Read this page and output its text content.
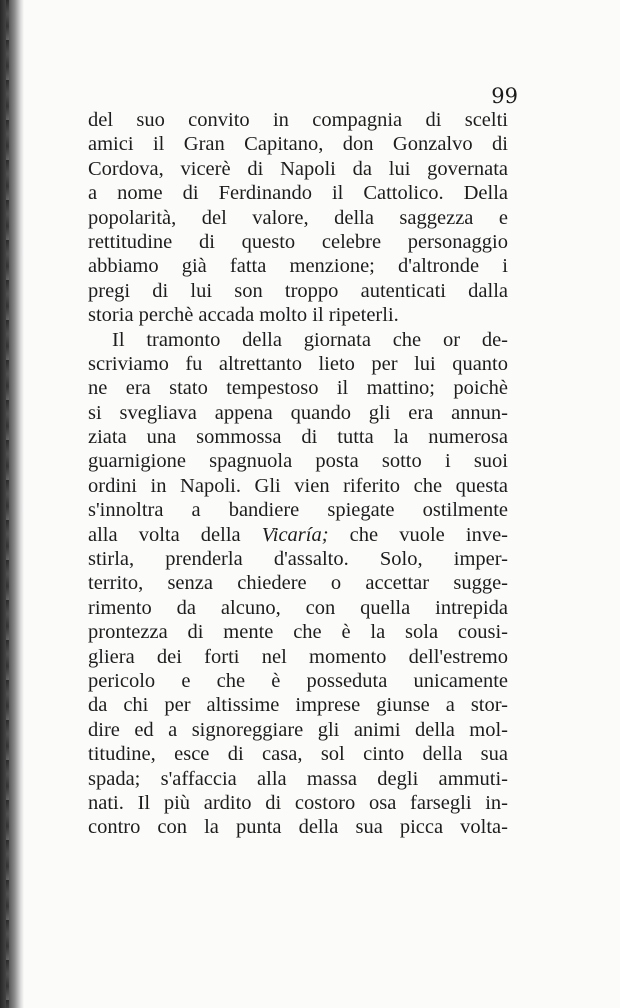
99
del suo convito in compagnia di scelti
amici il Gran Capitano, don Gonzalvo di
Cordova, vicerè di Napoli da lui governata
a nome di Ferdinando il Cattolico. Della
popolarità, del valore, della saggezza e
rettitudine di questo celebre personaggio
abbiamo già fatta menzione; d'altronde i
pregi di lui son troppo autenticati dalla
storia perchè accada molto il ripeterli.
Il tramonto della giornata che or de-
scriviamo fu altrettanto lieto per lui quanto
ne era stato tempestoso il mattino; poichè
si svegliava appena quando gli era annun-
ziata una sommossa di tutta la numerosa
guarnigione spagnuola posta sotto i suoi
ordini in Napoli. Gli vien riferito che questa
s'innoltra a bandiere spiegate ostilmente
alla volta della Vicaría; che vuole inve-
stirla, prenderla d'assalto. Solo, imper-
territo, senza chiedere o accettar sugge-
rimento da alcuno, con quella intrepida
prontezza di mente che è la sola cousi-
gliera dei forti nel momento dell'estremo
pericolo e che è posseduta unicamente
da chi per altissime imprese giunse a stor-
dire ed a signoreggiare gli animi della mol-
titudine, esce di casa, sol cinto della sua
spada; s'affaccia alla massa degli ammuti-
nati. Il più ardito di costoro osa farsegli in-
contro con la punta della sua picca volta-
